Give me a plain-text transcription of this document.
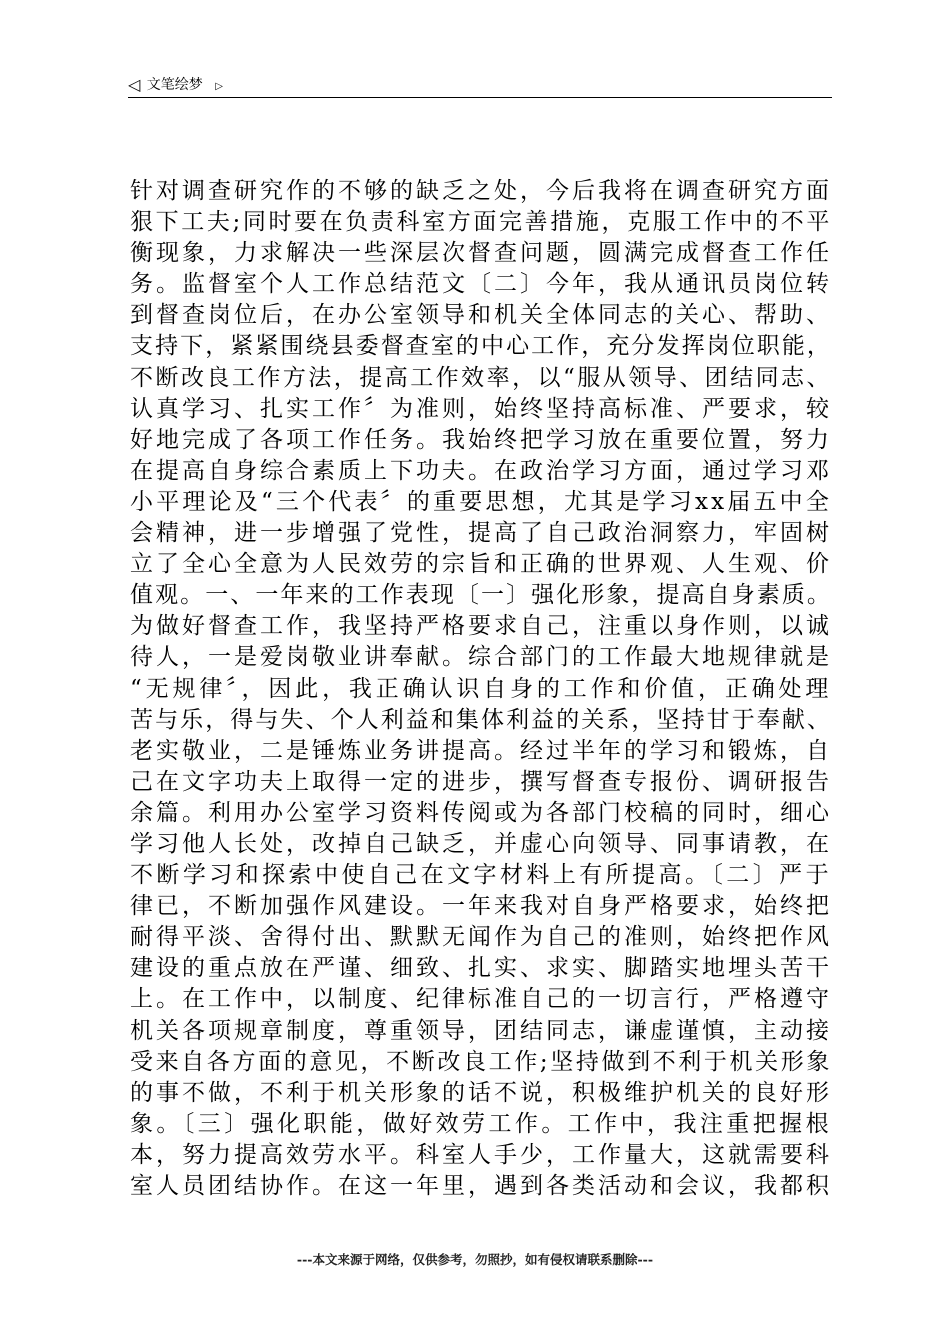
◁ 文笔绘梦 ▷
针对调查研究作的不够的缺乏之处，今后我将在调查研究方面
狠下工夫;同时要在负责科室方面完善措施，克服工作中的不平
衡现象，力求解决一些深层次督查问题，圆满完成督查工作任
务。监督室个人工作总结范文〔二〕今年，我从通讯员岗位转
到督查岗位后，在办公室领导和机关全体同志的关心、帮助、
支持下，紧紧围绕县委督查室的中心工作，充分发挥岗位职能，
不断改良工作方法，提高工作效率，以“服从领导、团结同志、
认真学习、扎实工作〞为准则，始终坚持高标准、严要求，较
好地完成了各项工作任务。我始终把学习放在重要位置，努力
在提高自身综合素质上下功夫。在政治学习方面，通过学习邓
小平理论及“三个代表〞的重要思想，尤其是学习xx届五中全
会精神，进一步增强了党性，提高了自己政治洞察力，牢固树
立了全心全意为人民效劳的宗旨和正确的世界观、人生观、价
值观。一、一年来的工作表现〔一〕强化形象，提高自身素质。
为做好督查工作，我坚持严格要求自己，注重以身作则，以诚
待人，一是爱岗敬业讲奉献。综合部门的工作最大地规律就是
“无规律〞，因此，我正确认识自身的工作和价值，正确处理
苦与乐，得与失、个人利益和集体利益的关系，坚持甘于奉献、
老实敬业，二是锤炼业务讲提高。经过半年的学习和锻炼，自
己在文字功夫上取得一定的进步，撰写督查专报份、调研报告
余篇。利用办公室学习资料传阅或为各部门校稿的同时，细心
学习他人长处，改掉自己缺乏，并虚心向领导、同事请教，在
不断学习和探索中使自己在文字材料上有所提高。〔二〕严于
律已，不断加强作风建设。一年来我对自身严格要求，始终把
耐得平淡、舍得付出、默默无闻作为自己的准则，始终把作风
建设的重点放在严谨、细致、扎实、求实、脚踏实地埋头苦干
上。在工作中，以制度、纪律标准自己的一切言行，严格遵守
机关各项规章制度，尊重领导，团结同志，谦虚谨慎，主动接
受来自各方面的意见，不断改良工作;坚持做到不利于机关形象
的事不做，不利于机关形象的话不说，积极维护机关的良好形
象。〔三〕强化职能，做好效劳工作。工作中，我注重把握根
本，努力提高效劳水平。科室人手少，工作量大，这就需要科
室人员团结协作。在这一年里，遇到各类活动和会议，我都积
---本文来源于网络，仅供参考，勿照抄，如有侵权请联系删除---
